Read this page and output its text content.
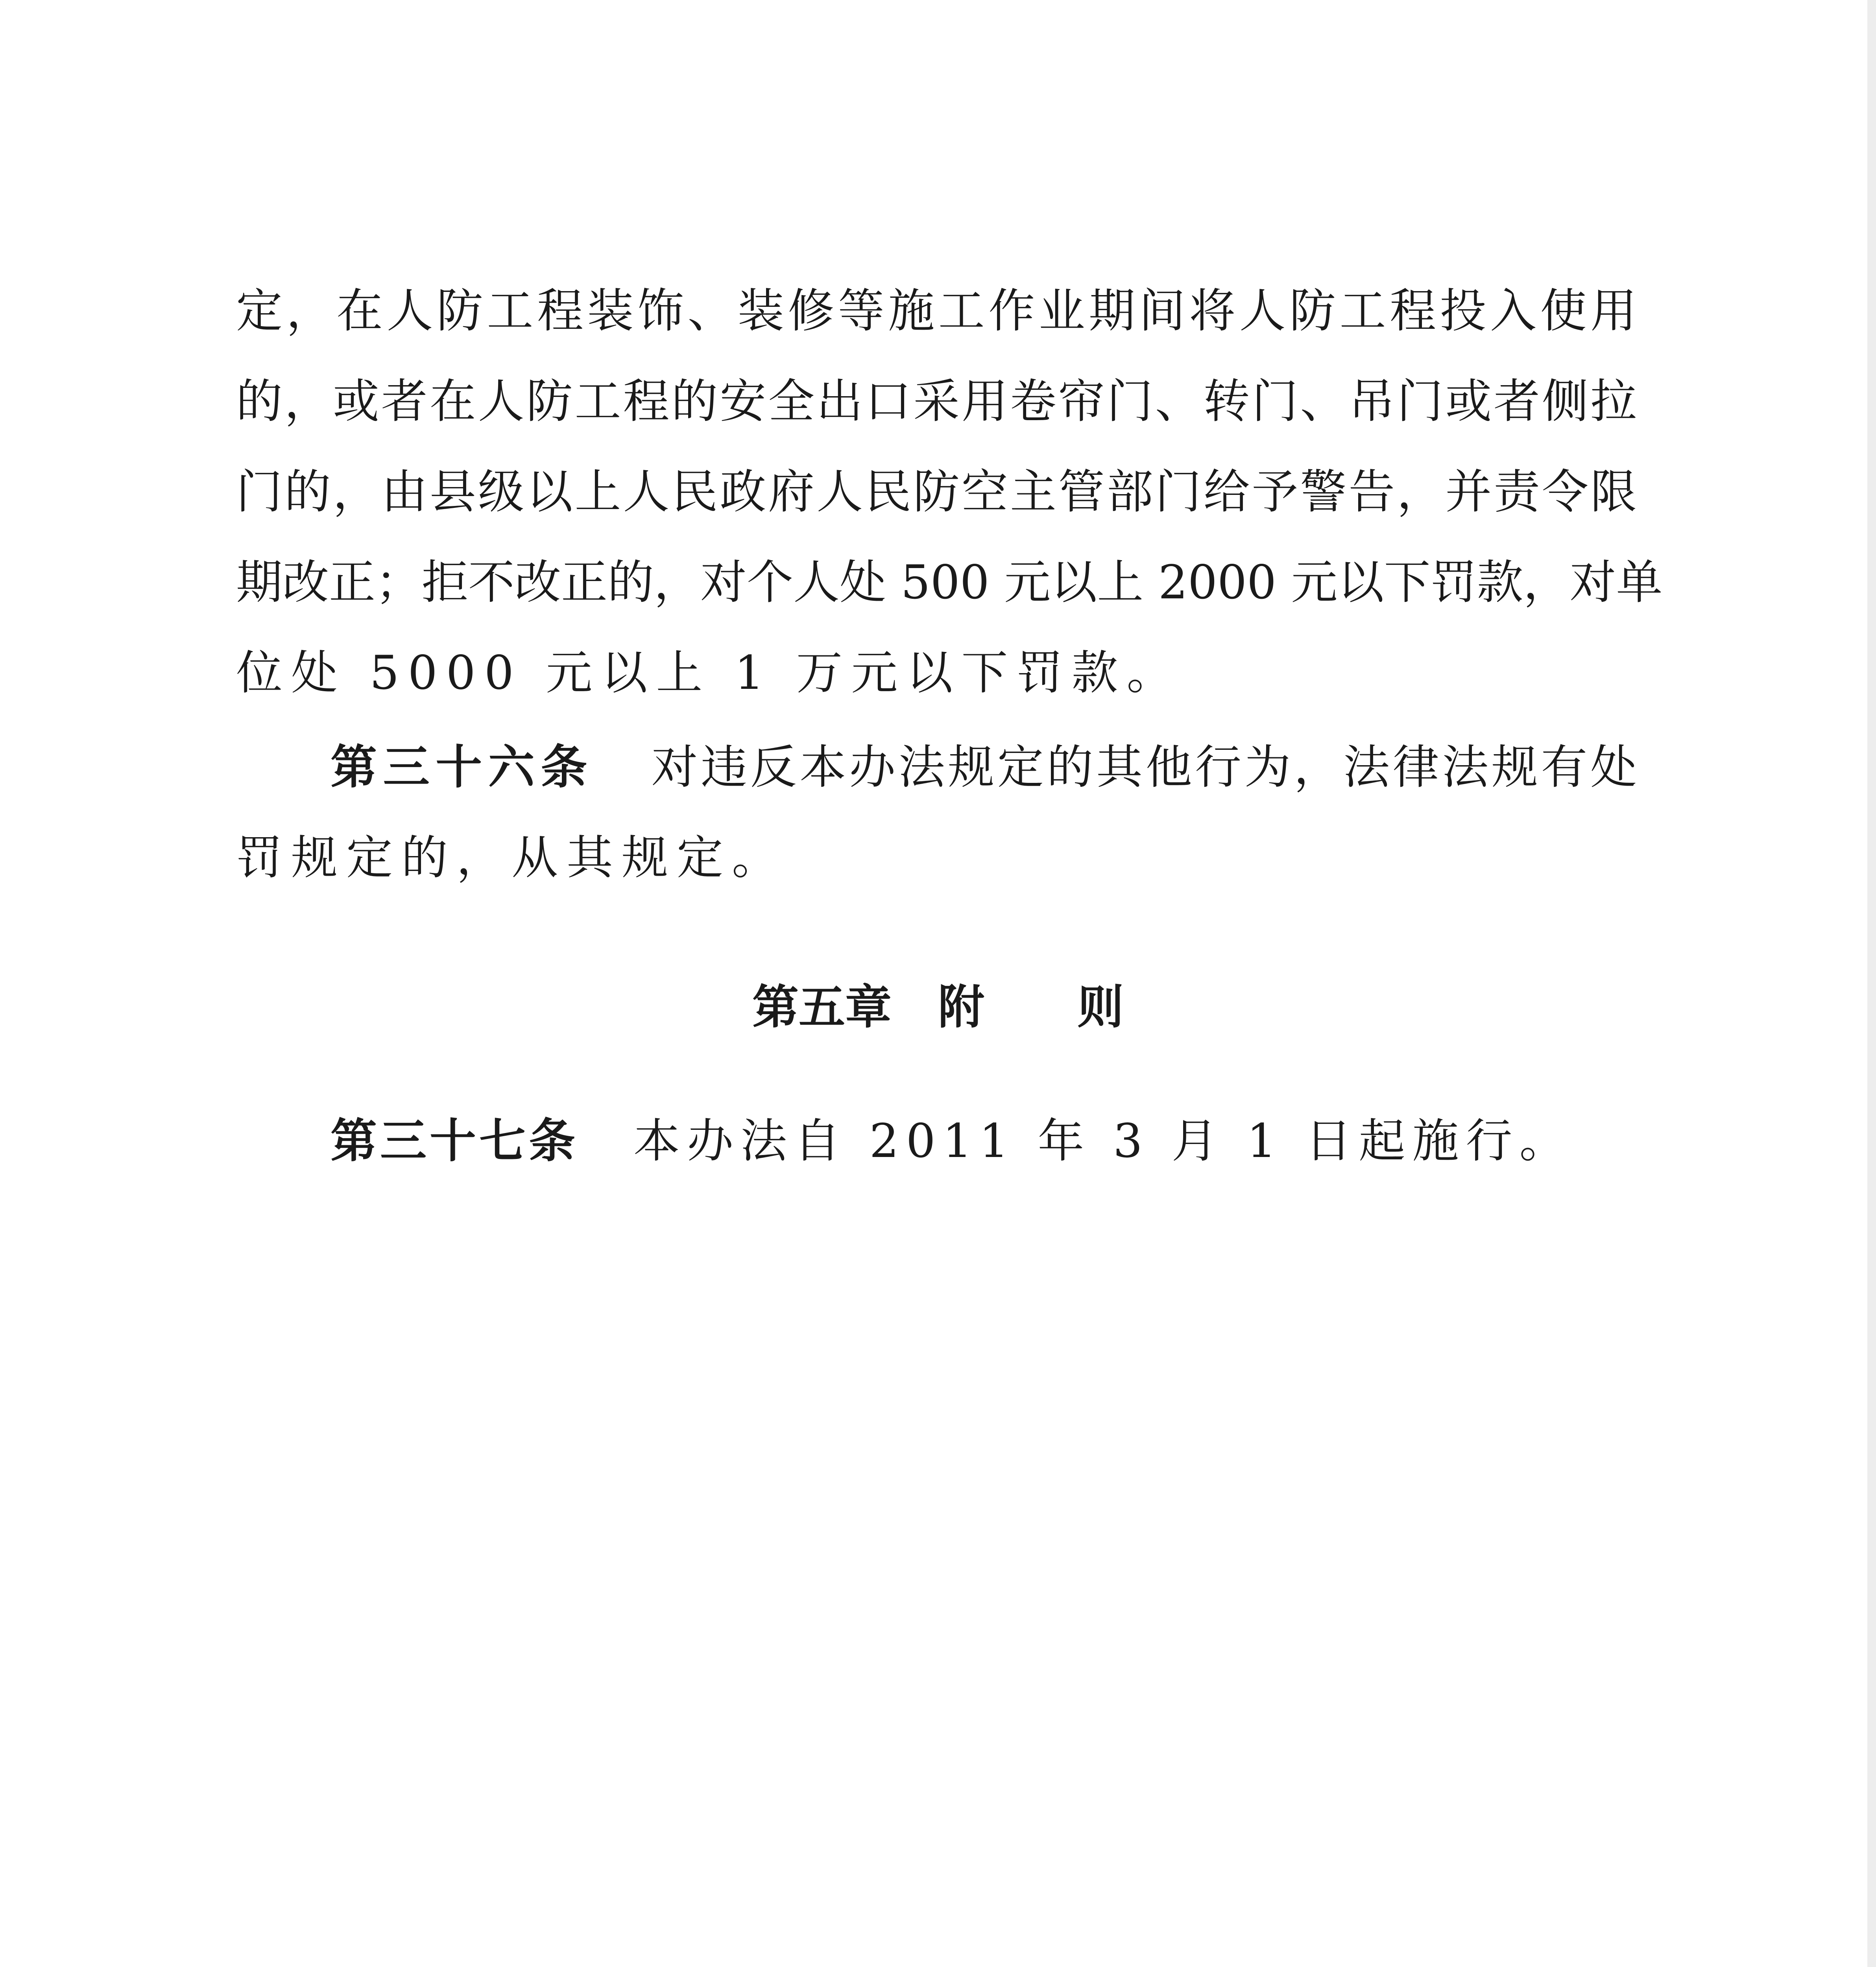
定，在人防工程装饰、装修等施工作业期间将人防工程投入使用
的，或者在人防工程的安全出口采用卷帘门、转门、吊门或者侧拉
门的，由县级以上人民政府人民防空主管部门给予警告，并责令限
期改正；拒不改正的，对个人处 500 元以上 2000 元以下罚款，对单
位处 5000 元以上 1 万元以下罚款。
第三十六条 对违反本办法规定的其他行为，法律法规有处
罚规定的，从其规定。
第五章　附　　则
第三十七条 本办法自 2011 年 3 月 1 日起施行。
